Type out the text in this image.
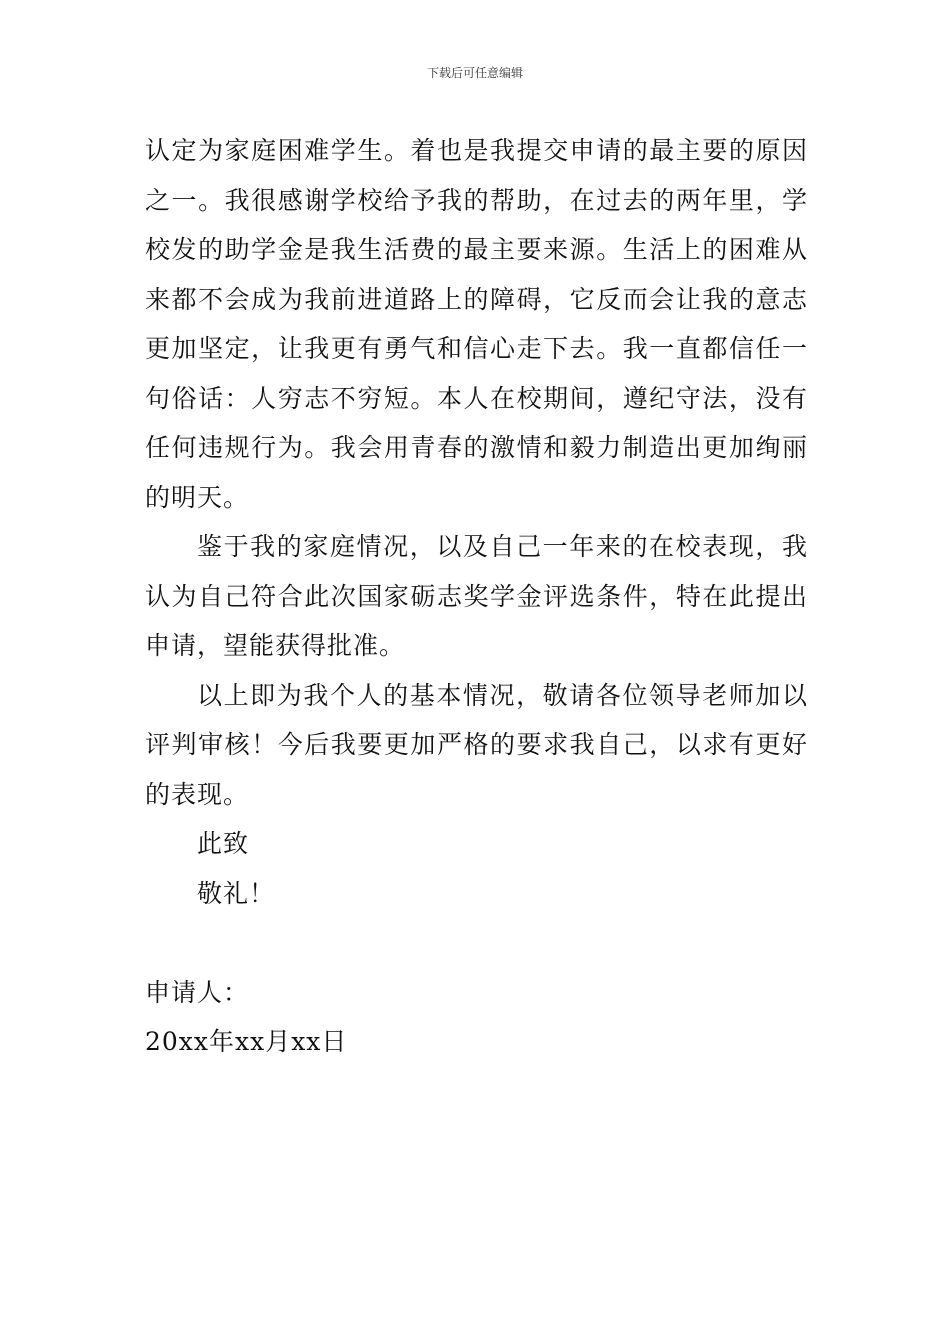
下载后可任意编辑

认定为家庭困难学生。着也是我提交申请的最主要的原因之一。我很感谢学校给予我的帮助，在过去的两年里，学校发的助学金是我生活费的最主要来源。生活上的困难从来都不会成为我前进道路上的障碍，它反而会让我的意志更加坚定，让我更有勇气和信心走下去。我一直都信任一句俗话：人穷志不穷短。本人在校期间，遵纪守法，没有任何违规行为。我会用青春的激情和毅力制造出更加绚丽的明天。

鉴于我的家庭情况，以及自己一年来的在校表现，我认为自己符合此次国家砺志奖学金评选条件，特在此提出申请，望能获得批准。

以上即为我个人的基本情况，敬请各位领导老师加以评判审核！今后我要更加严格的要求我自己，以求有更好的表现。

此致

敬礼！

申请人：

20xx年xx月xx日
